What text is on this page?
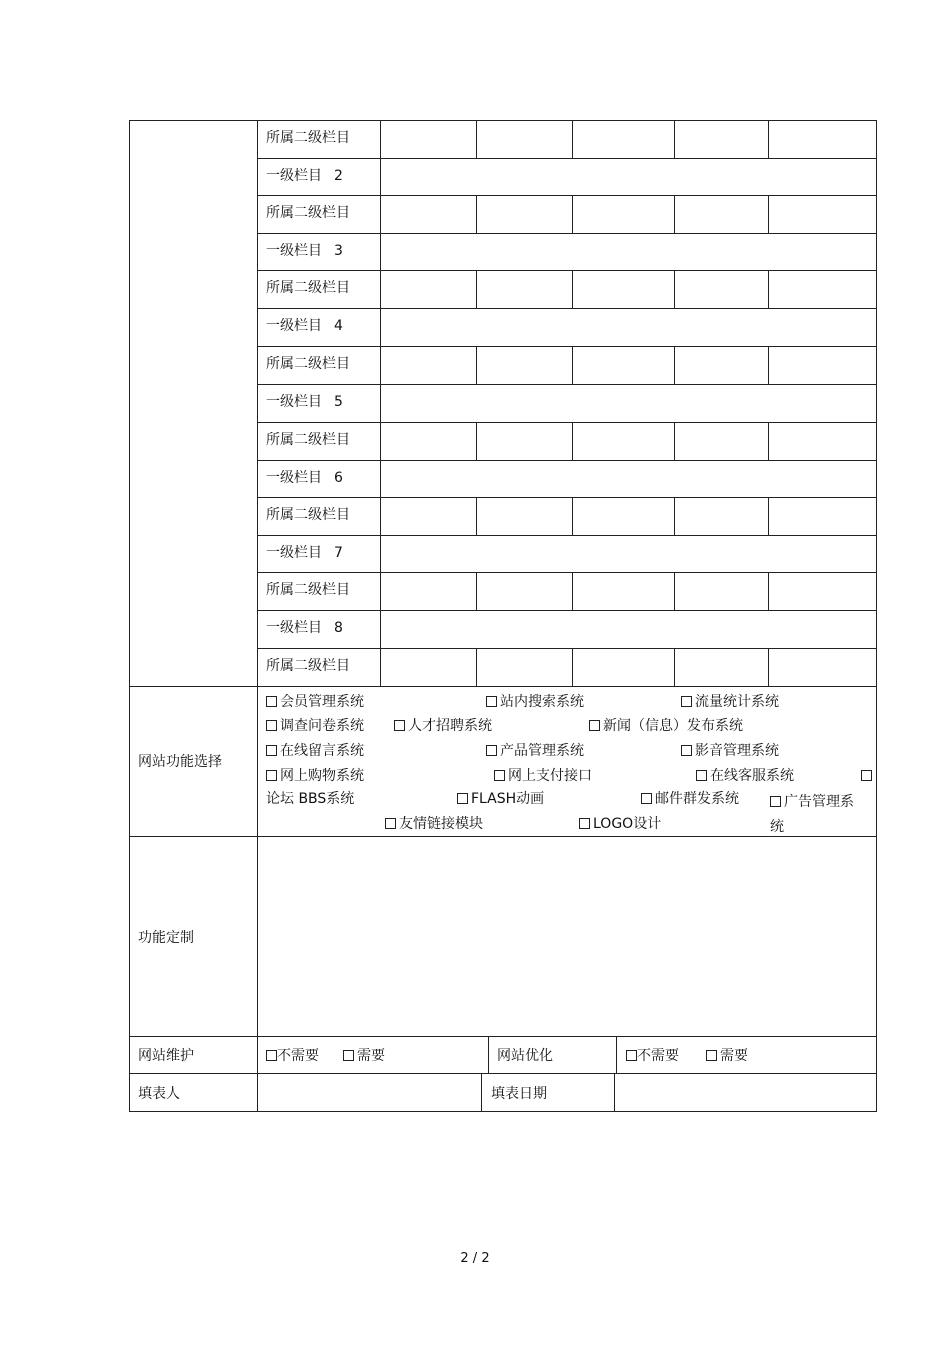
所属二级栏目
一级栏目 2
所属二级栏目
一级栏目 3
所属二级栏目
一级栏目 4
所属二级栏目
一级栏目 5
所属二级栏目
一级栏目 6
所属二级栏目
一级栏目 7
所属二级栏目
一级栏目 8
所属二级栏目
网站功能选择
会员管理系统	站内搜索系统	流量统计系统
调查问卷系统	人才招聘系统	新闻（信息）发布系统
在线留言系统	产品管理系统	影音管理系统
网上购物系统	网上支付接口	在线客服系统
论坛 BBS系统	FLASH动画	邮件群发系统	广告管理系统
友情链接模块	LOGO设计
功能定制
网站维护	不需要	需要	网站优化	不需要	需要
填表人	填表日期
2 / 2
